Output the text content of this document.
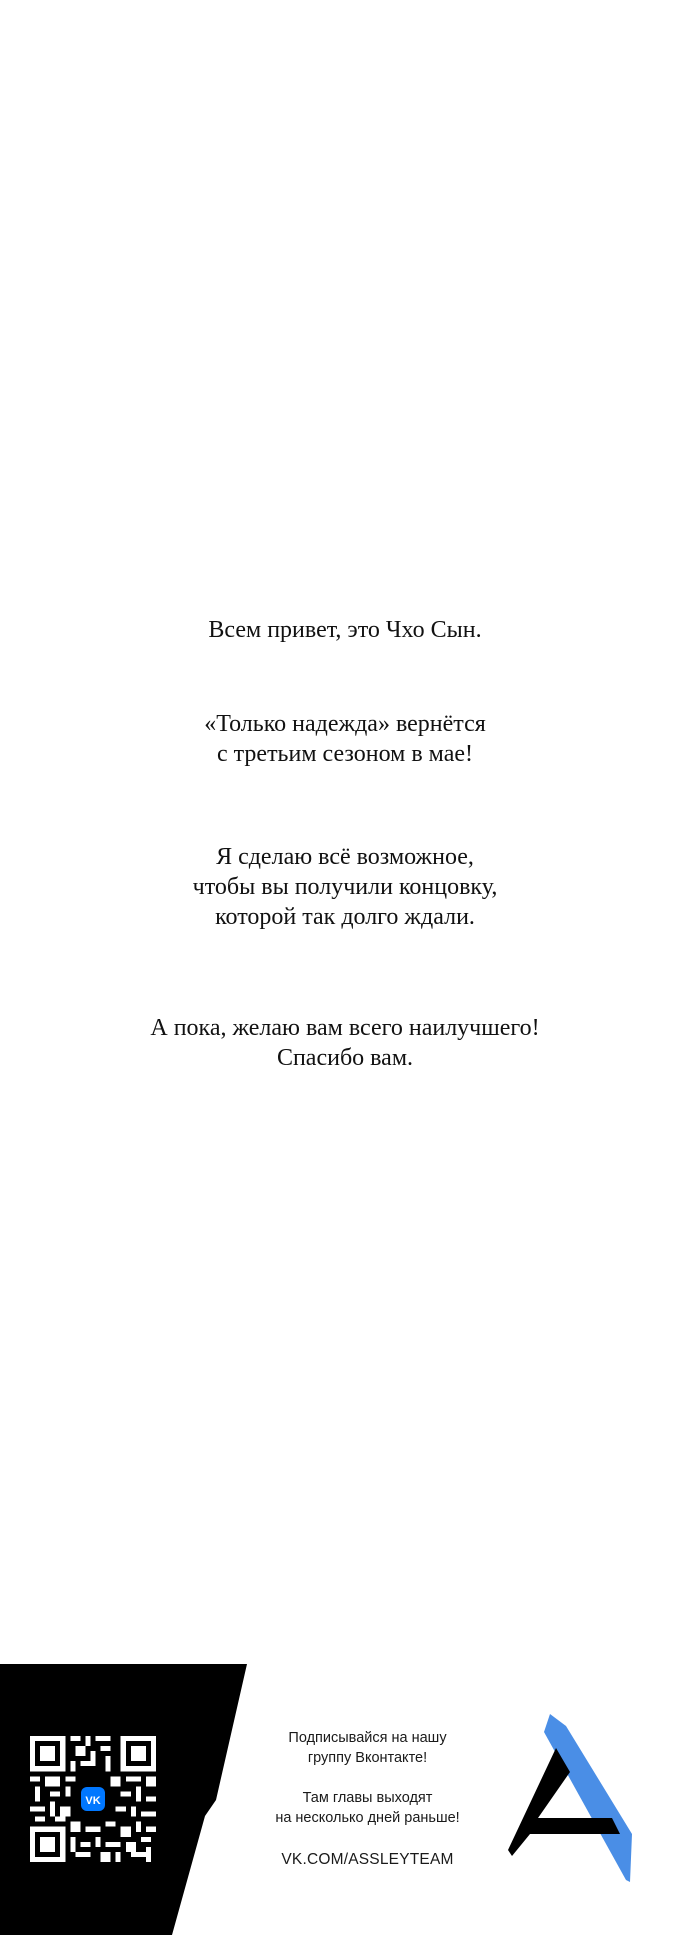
Всем привет, это Чхо Сын.
«Только надежда» вернётся
с третьим сезоном в мае!
Я сделаю всё возможное,
чтобы вы получили концовку,
которой так долго ждали.
А пока, желаю вам всего наилучшего!
Спасибо вам.
VK
Подписывайся на нашу
группу Вконтакте!
Там главы выходят
на несколько дней раньше!
VK.COM/ASSLEYTEAM
